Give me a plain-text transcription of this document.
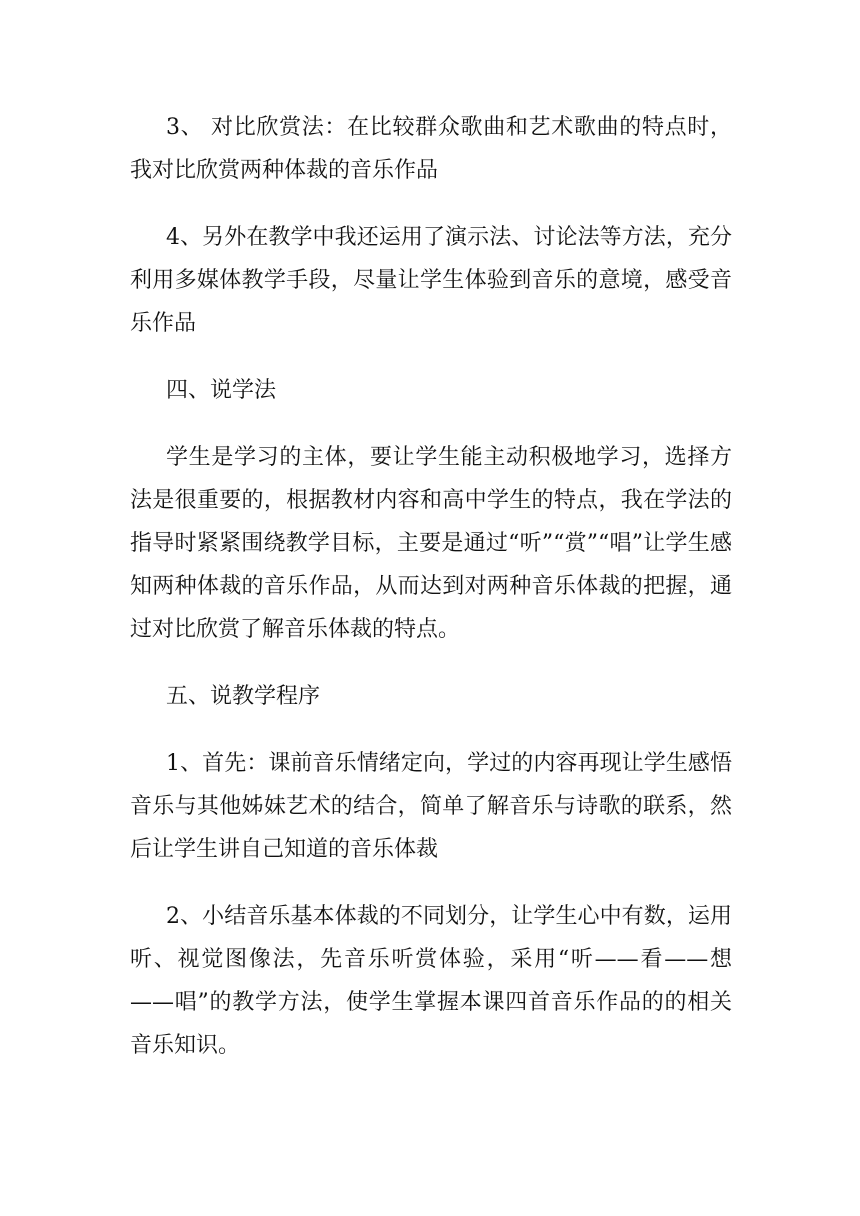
3、 对比欣赏法：在比较群众歌曲和艺术歌曲的特点时，我对比欣赏两种体裁的音乐作品

4、另外在教学中我还运用了演示法、讨论法等方法，充分利用多媒体教学手段，尽量让学生体验到音乐的意境，感受音乐作品

四、说学法

学生是学习的主体，要让学生能主动积极地学习，选择方法是很重要的，根据教材内容和高中学生的特点，我在学法的指导时紧紧围绕教学目标，主要是通过“听”“赏”“唱”让学生感知两种体裁的音乐作品，从而达到对两种音乐体裁的把握，通过对比欣赏了解音乐体裁的特点。

五、说教学程序

1、首先：课前音乐情绪定向，学过的内容再现让学生感悟音乐与其他姊妹艺术的结合，简单了解音乐与诗歌的联系，然后让学生讲自己知道的音乐体裁

2、小结音乐基本体裁的不同划分，让学生心中有数，运用听、视觉图像法，先音乐听赏体验，采用“听——看——想——唱”的教学方法，使学生掌握本课四首音乐作品的的相关音乐知识。
